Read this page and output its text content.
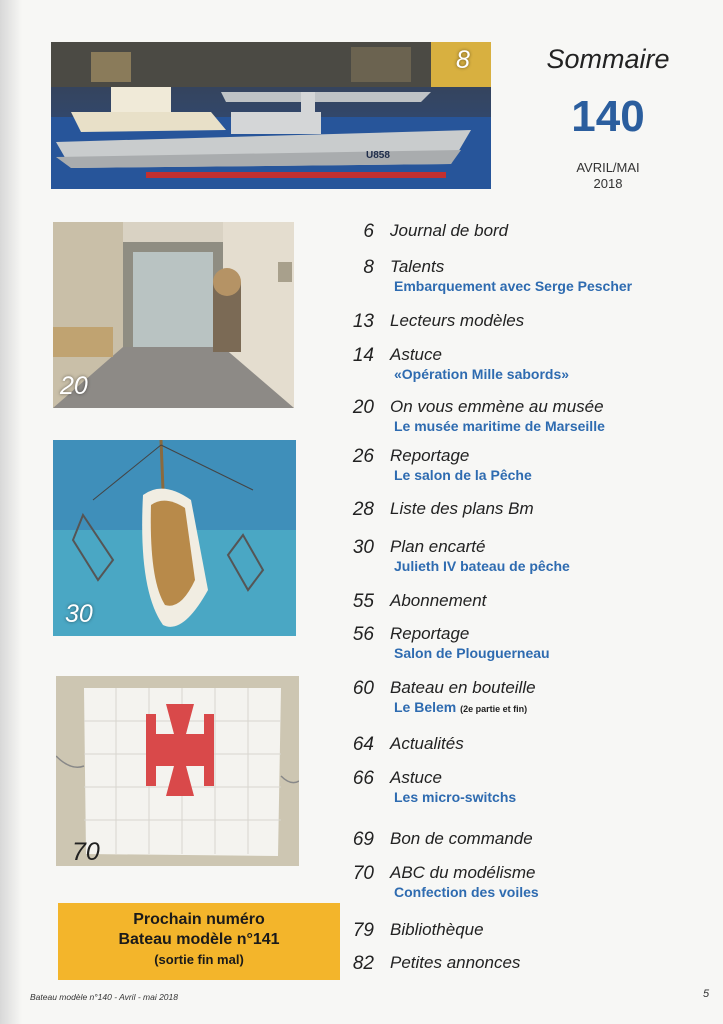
U858
8	Sommaire
140
AVRIL/MAI
2018
20
30
70
6 Journal de bord
8 Talents
Embarquement avec Serge Pescher
13 Lecteurs modèles
14 Astuce
«Opération Mille sabords»
20 On vous emmène au musée
Le musée maritime de Marseille
26 Reportage
Le salon de la Pêche
28 Liste des plans Bm
30 Plan encarté
Julieth IV bateau de pêche
55 Abonnement
56 Reportage
Salon de Plouguerneau
60 Bateau en bouteille
Le Belem (2e partie et fin)
64 Actualités
66 Astuce
Les micro-switchs
69 Bon de commande
70 ABC du modélisme
Confection des voiles
79 Bibliothèque
82 Petites annonces
Prochain numéro
Bateau modèle n°141
(sortie fin mal)
Bateau modèle n°140 - Avril - mai 2018	5
